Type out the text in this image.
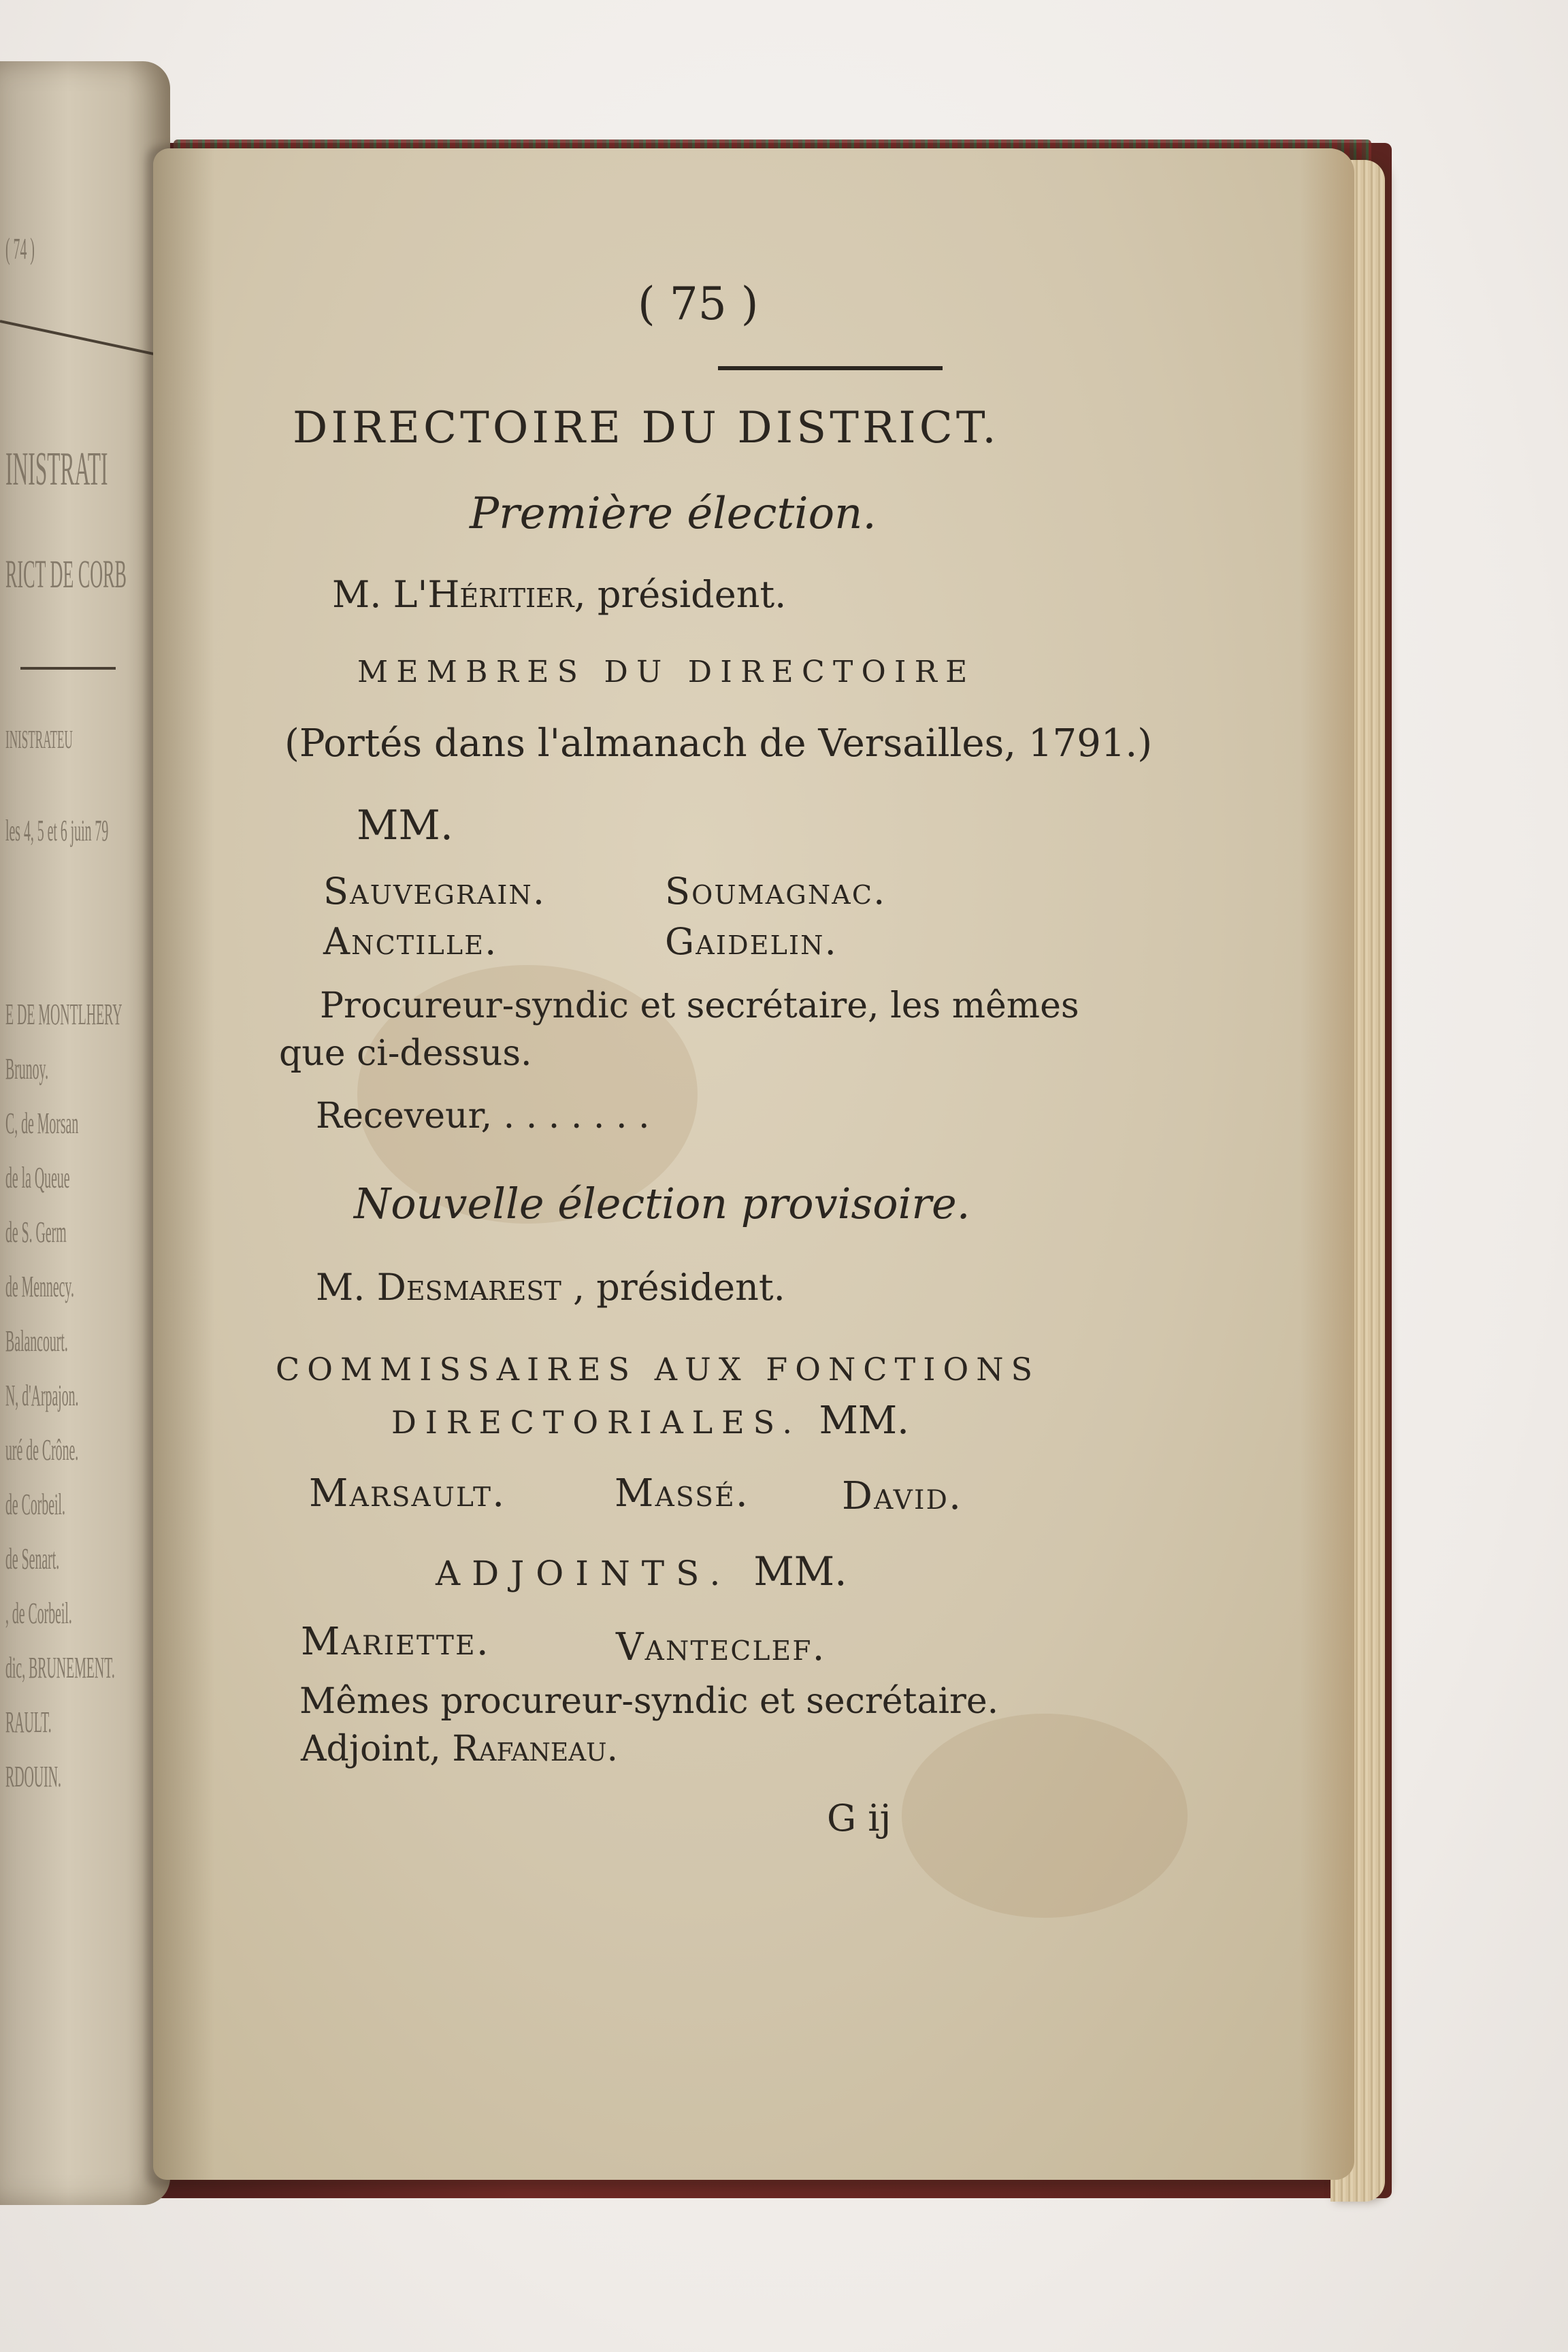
( 74 )
INISTRATI
RICT DE CORB
INISTRATEU
les 4, 5 et 6 juin 79
E DE MONTLHERY
Brunoy.
C, de Morsan
de la Queue
de S. Germ
de Mennecy.
Balancourt.
N, d'Arpajon.
uré de Crône.
de Corbeil.
de Senart.
, de Corbeil.
dic, BRUNEMENT.
RAULT.
RDOUIN.
( 75 )
DIRECTOIRE DU DISTRICT.
Première élection.
M. L'Héritier, président.
MEMBRES DU DIRECTOIRE
(Portés dans l'almanach de Versailles, 1791.)
MM.
Sauvegrain.	Soumagnac.
Anctille.	Gaidelin.
Procureur-syndic et secrétaire, les mêmes
que ci-dessus.
Receveur, . . . . . . .
Nouvelle élection provisoire.
M. Desmarest , président.
COMMISSAIRES AUX FONCTIONS
DIRECTORIALES. MM.
Marsault.	Massé. David.
ADJOINTS. MM.
Mariette.	Vanteclef.
Mêmes procureur-syndic et secrétaire.
Adjoint, Rafaneau.
G ij
